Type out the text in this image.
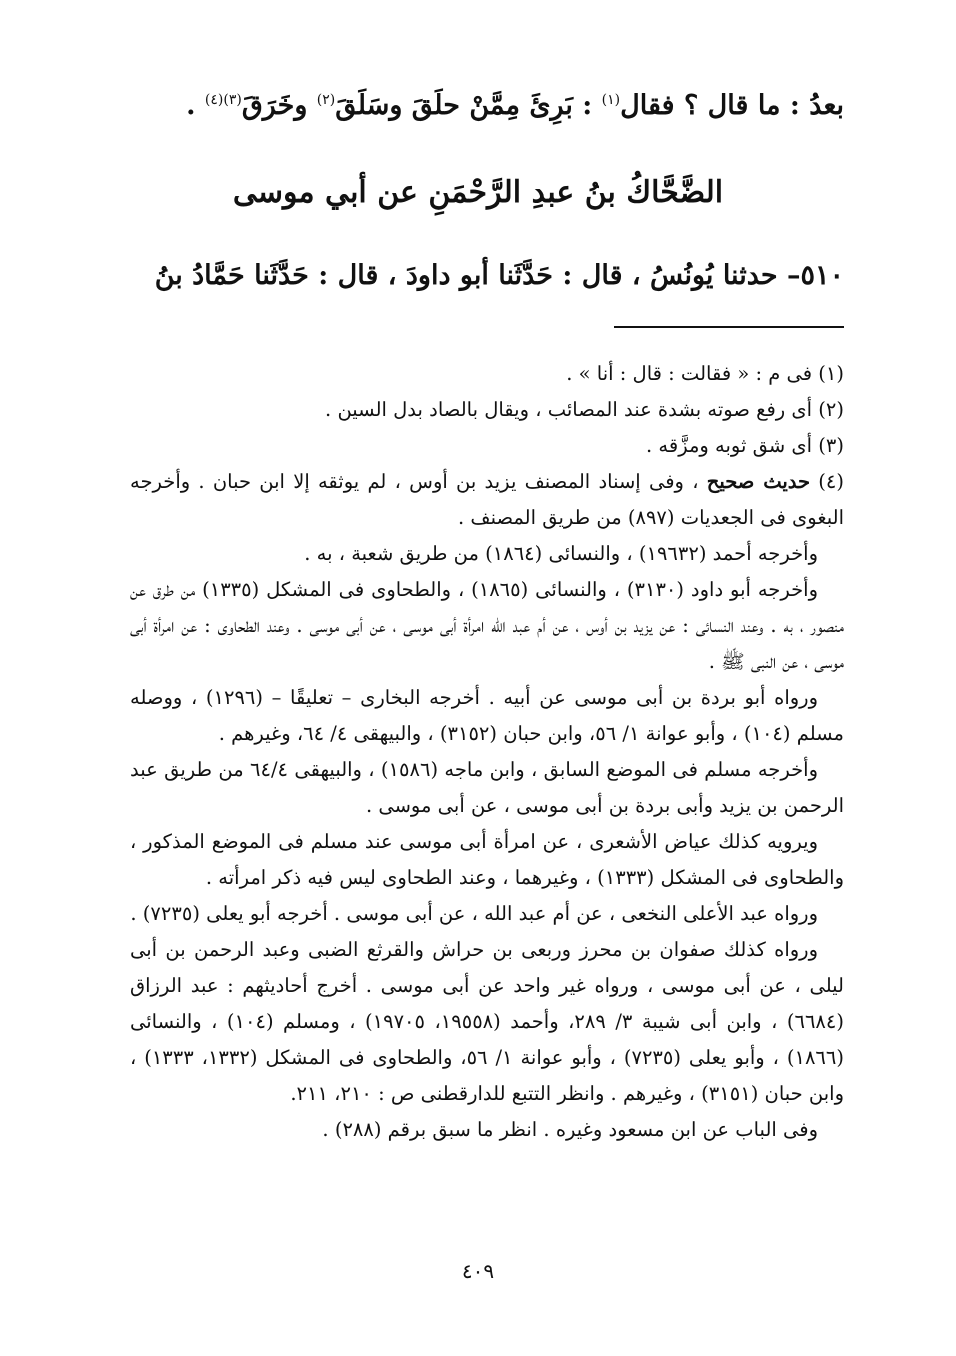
بعدُ : ما قال ؟ فقال$^{(١)}$ : بَرِئَ مِمَّنْ حلَقَ وسَلَقَ$^{(٢)}$ وخَرَقَ$^{(٣)(٤)}$ .
الضَّحَّاكُ بنُ عبدِ الرَّحْمَنِ عن أبي موسى
٥١٠– حدثنا يُونُسُ ، قال : حَدَّثَنا أبو داودَ ، قال : حَدَّثَنا حَمَّادُ بنُ

(١) فى م : « فقالت : قال : أنا » .

(٢) أى رفع صوته بشدة عند المصائب ، ويقال بالصاد بدل السين .

(٣) أى شق ثوبه ومزَّقه .

(٤) حديث صحيح ، وفى إسناد المصنف يزيد بن أوس ، لم يوثقه إلا ابن حبان . وأخرجه البغوى فى الجعديات (٨٩٧) من طريق المصنف .

وأخرجه أحمد (١٩٦٣٢) ، والنسائى (١٨٦٤) من طريق شعبة ، به .

وأخرجه أبو داود (٣١٣٠) ، والنسائى (١٨٦٥) ، والطحاوى فى المشكل (١٣٣٥) من طرق عن منصور ، به . وعند النسائى : عن يزيد بن أوس ، عن أم عبد الله امرأة أبى موسى ، عن أبى موسى . وعند الطحاوى : عن امرأة أبى موسى ، عن النبى ﷺ .

ورواه أبو بردة بن أبى موسى عن أبيه . أخرجه البخارى – تعليقًا – (١٢٩٦) ، ووصله مسلم (١٠٤) ، وأبو عوانة ١/ ٥٦، وابن حبان (٣١٥٢) ، والبيهقى ٤/ ٦٤، وغيرهم .

وأخرجه مسلم فى الموضع السابق ، وابن ماجه (١٥٨٦) ، والبيهقى ٦٤/٤ من طريق عبد الرحمن بن يزيد وأبى بردة بن أبى موسى ، عن أبى موسى .

ويرويه كذلك عياض الأشعرى ، عن امرأة أبى موسى عند مسلم فى الموضع المذكور ، والطحاوى فى المشكل (١٣٣٣) ، وغيرهما ، وعند الطحاوى ليس فيه ذكر امرأته .

ورواه عبد الأعلى النخعى ، عن أم عبد الله ، عن أبى موسى . أخرجه أبو يعلى (٧٢٣٥) .

ورواه كذلك صفوان بن محرز وربعى بن حراش والقرثع الضبى وعبد الرحمن بن أبى ليلى ، عن أبى موسى ، ورواه غير واحد عن أبى موسى . أخرج أحاديثهم : عبد الرزاق (٦٦٨٤) ، وابن أبى شيبة ٣/ ٢٨٩، وأحمد (١٩٥٥٨، ١٩٧٠٥) ، ومسلم (١٠٤) ، والنسائى (١٨٦٦) ، وأبو يعلى (٧٢٣٥) ، وأبو عوانة ١/ ٥٦، والطحاوى فى المشكل (١٣٣٢، ١٣٣٣) ، وابن حبان (٣١٥١) ، وغيرهم . وانظر التتبع للدارقطنى ص : ٢١٠، ٢١١.

وفى الباب عن ابن مسعود وغيره . انظر ما سبق برقم (٢٨٨) .

٤٠٩
